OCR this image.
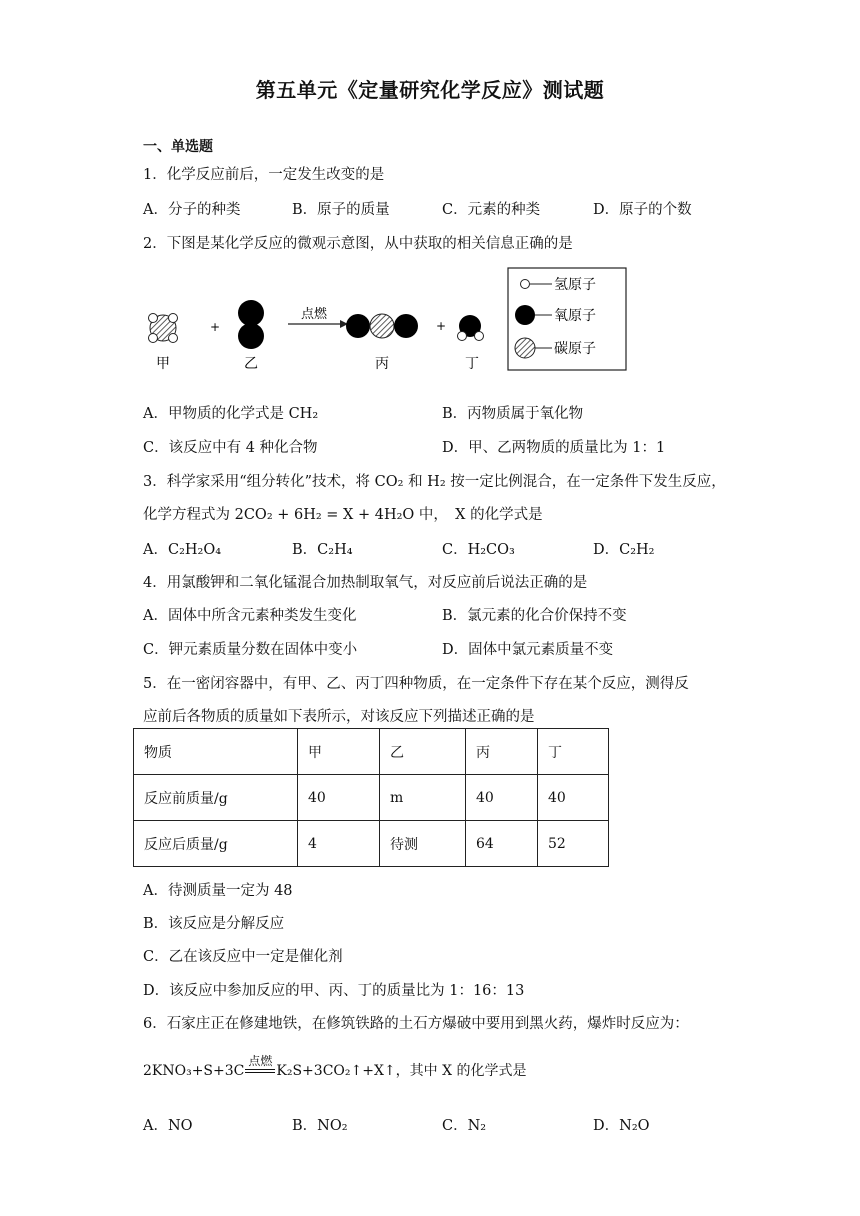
第五单元《定量研究化学反应》测试题
一、单选题
1．化学反应前后，一定发生改变的是
A．分子的种类	B．原子的质量	C．元素的种类	D．原子的个数
2．下图是某化学反应的微观示意图，从中获取的相关信息正确的是
+
点燃
+
甲	乙	丙	丁
氢原子
氧原子
碳原子
A．甲物质的化学式是 CH₂	B．丙物质属于氧化物
C．该反应中有 4 种化合物	D．甲、乙两物质的质量比为 1：1
3．科学家采用“组分转化”技术，将 CO₂ 和 H₂ 按一定比例混合，在一定条件下发生反应，
化学方程式为 2CO₂ + 6H₂ = X + 4H₂O 中，　X 的化学式是
A．C₂H₂O₄	B．C₂H₄	C．H₂CO₃	D．C₂H₂
4．用氯酸钾和二氧化锰混合加热制取氧气，对反应前后说法正确的是
A．固体中所含元素种类发生变化	B．氯元素的化合价保持不变
C．钾元素质量分数在固体中变小	D．固体中氯元素质量不变
5．在一密闭容器中，有甲、乙、丙丁四种物质，在一定条件下存在某个反应，测得反
应前后各物质的质量如下表所示，对该反应下列描述正确的是
物质	甲	乙	丙	丁
反应前质量/g	40	m	40	40
反应后质量/g	4	待测	64	52
A．待测质量一定为 48
B．该反应是分解反应
C．乙在该反应中一定是催化剂
D．该反应中参加反应的甲、丙、丁的质量比为 1：16：13
6．石家庄正在修建地铁，在修筑铁路的土石方爆破中要用到黑火药，爆炸时反应为：
2KNO₃+S+3C
点燃
K₂S+3CO₂↑+X↑，其中 X 的化学式是
A．NO	B．NO₂	C．N₂	D．N₂O
